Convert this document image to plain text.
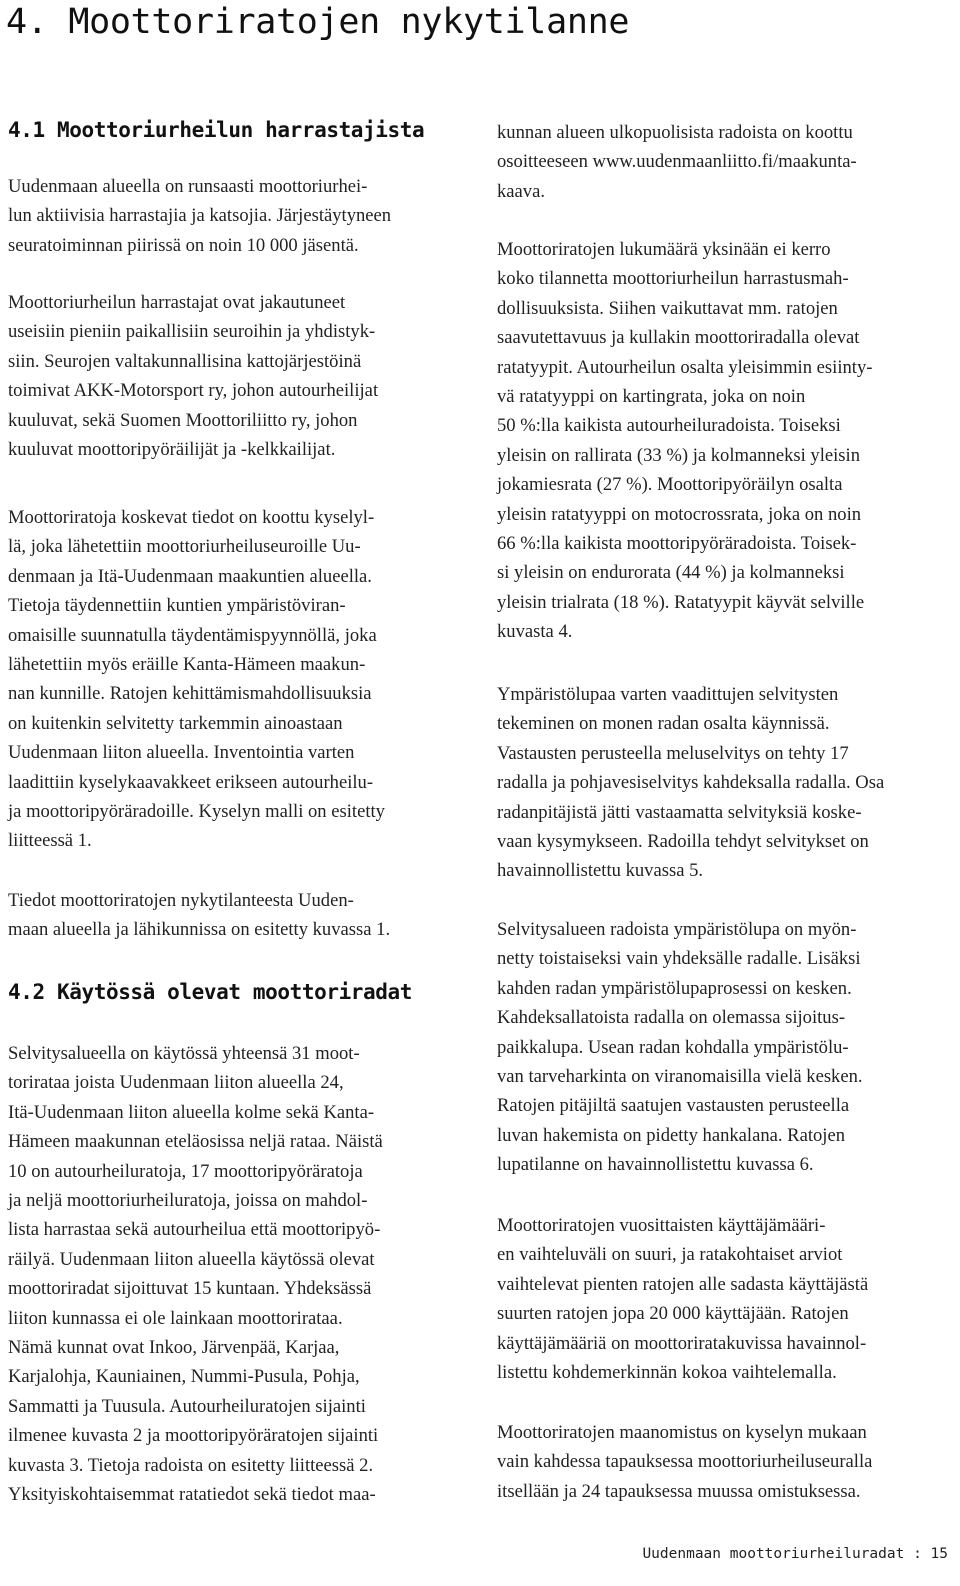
4. Moottoriratojen nykytilanne
4.1 Moottoriurheilun harrastajista
Uudenmaan alueella on runsaasti moottoriurhei-
lun aktiivisia harrastajia ja katsojia. Järjestäytyneen
seuratoiminnan piirissä on noin 10 000 jäsentä.
Moottoriurheilun harrastajat ovat jakautuneet
useisiin pieniin paikallisiin seuroihin ja yhdistyk-
siin. Seurojen valtakunnallisina kattojärjestöinä
toimivat AKK-Motorsport ry, johon autourheilijat
kuuluvat, sekä Suomen Moottoriliitto ry, johon
kuuluvat moottoripyöräilijät ja -kelkkailijat.
Moottoriratoja koskevat tiedot on koottu kyselyl-
lä, joka lähetettiin moottoriurheiluseuroille Uu-
denmaan ja Itä-Uudenmaan maakuntien alueella.
Tietoja täydennettiin kuntien ympäristöviran-
omaisille suunnatulla täydentämispyynnöllä, joka
lähetettiin myös eräille Kanta-Hämeen maakun-
nan kunnille. Ratojen kehittämismahdollisuuksia
on kuitenkin selvitetty tarkemmin ainoastaan
Uudenmaan liiton alueella. Inventointia varten
laadittiin kyselykaavakkeet erikseen autourheilu-
ja moottoripyöräradoille. Kyselyn malli on esitetty
liitteessä 1.
Tiedot moottoriratojen nykytilanteesta Uuden-
maan alueella ja lähikunnissa on esitetty kuvassa 1.
4.2 Käytössä olevat moottoriradat
Selvitysalueella on käytössä yhteensä 31 moot-
torirataa joista Uudenmaan liiton alueella 24,
Itä-Uudenmaan liiton alueella kolme sekä Kanta-
Hämeen maakunnan eteläosissa neljä rataa. Näistä
10 on autourheiluratoja, 17 moottoripyöräratoja
ja neljä moottoriurheiluratoja, joissa on mahdol-
lista harrastaa sekä autourheilua että moottoripyö-
räilyä. Uudenmaan liiton alueella käytössä olevat
moottoriradat sijoittuvat 15 kuntaan. Yhdeksässä
liiton kunnassa ei ole lainkaan moottorirataa.
Nämä kunnat ovat Inkoo, Järvenpää, Karjaa,
Karjalohja, Kauniainen, Nummi-Pusula, Pohja,
Sammatti ja Tuusula. Autourheiluratojen sijainti
ilmenee kuvasta 2 ja moottoripyöräratojen sijainti
kuvasta 3. Tietoja radoista on esitetty liitteessä 2.
Yksityiskohtaisemmat ratatiedot sekä tiedot maa-
kunnan alueen ulkopuolisista radoista on koottu
osoitteeseen www.uudenmaanliitto.fi/maakunta-
kaava.
Moottoriratojen lukumäärä yksinään ei kerro
koko tilannetta moottoriurheilun harrastusmah-
dollisuuksista. Siihen vaikuttavat mm. ratojen
saavutettavuus ja kullakin moottoriradalla olevat
ratatyypit. Autourheilun osalta yleisimmin esiinty-
vä ratatyyppi on kartingrata, joka on noin
50 %:lla kaikista autourheiluradoista. Toiseksi
yleisin on rallirata (33 %) ja kolmanneksi yleisin
jokamiesrata (27 %). Moottoripyöräilyn osalta
yleisin ratatyyppi on motocrossrata, joka on noin
66 %:lla kaikista moottoripyöräradoista. Toisek-
si yleisin on endurorata (44 %) ja kolmanneksi
yleisin trialrata (18 %). Ratatyypit käyvät selville
kuvasta 4.
Ympäristölupaa varten vaadittujen selvitysten
tekeminen on monen radan osalta käynnissä.
Vastausten perusteella meluselvitys on tehty 17
radalla ja pohjavesiselvitys kahdeksalla radalla. Osa
radanpitäjistä jätti vastaamatta selvityksiä koske-
vaan kysymykseen. Radoilla tehdyt selvitykset on
havainnollistettu kuvassa 5.
Selvitysalueen radoista ympäristölupa on myön-
netty toistaiseksi vain yhdeksälle radalle. Lisäksi
kahden radan ympäristölupaprosessi on kesken.
Kahdeksallatoista radalla on olemassa sijoitus-
paikkalupa. Usean radan kohdalla ympäristölu-
van tarveharkinta on viranomaisilla vielä kesken.
Ratojen pitäjiltä saatujen vastausten perusteella
luvan hakemista on pidetty hankalana. Ratojen
lupatilanne on havainnollistettu kuvassa 6.
Moottoriratojen vuosittaisten käyttäjämääri-
en vaihteluväli on suuri, ja ratakohtaiset arviot
vaihtelevat pienten ratojen alle sadasta käyttäjästä
suurten ratojen jopa 20 000 käyttäjään. Ratojen
käyttäjämääriä on moottoriratakuvissa havainnol-
listettu kohdemerkinnän kokoa vaihtelemalla.
Moottoriratojen maanomistus on kyselyn mukaan
vain kahdessa tapauksessa moottoriurheiluseuralla
itsellään ja 24 tapauksessa muussa omistuksessa.
Uudenmaan moottoriurheiluradat : 15
